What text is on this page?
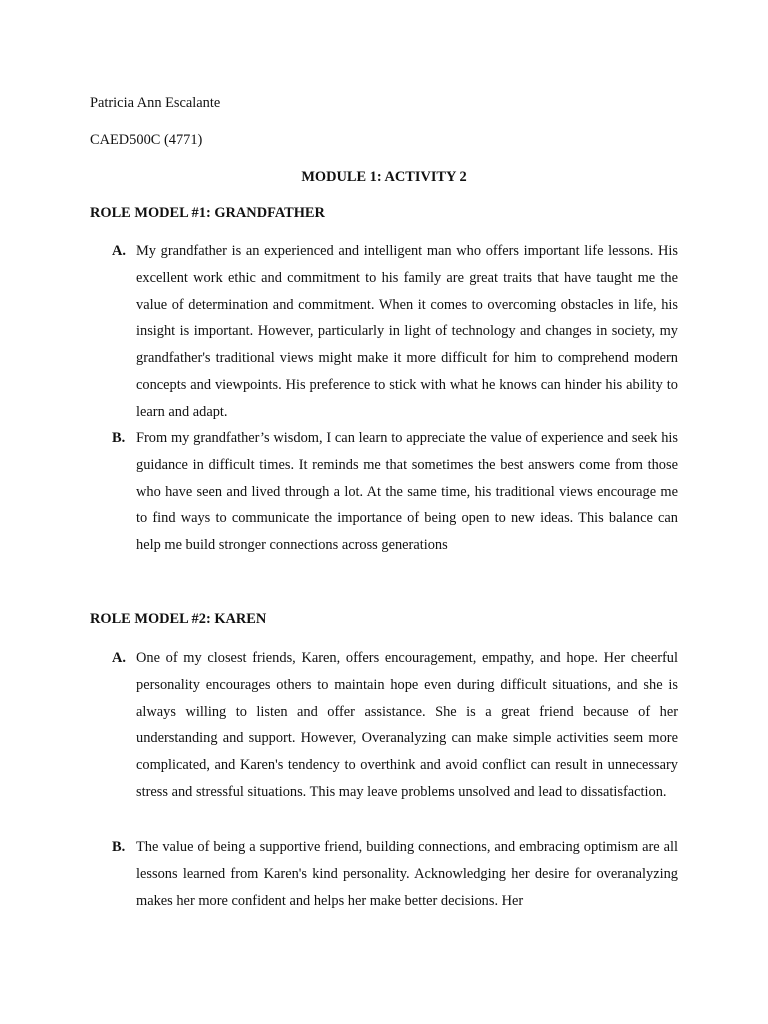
Patricia Ann Escalante
CAED500C (4771)
MODULE 1: ACTIVITY 2
ROLE MODEL #1: GRANDFATHER
A. My grandfather is an experienced and intelligent man who offers important life lessons. His excellent work ethic and commitment to his family are great traits that have taught me the value of determination and commitment. When it comes to overcoming obstacles in life, his insight is important. However, particularly in light of technology and changes in society, my grandfather's traditional views might make it more difficult for him to comprehend modern concepts and viewpoints. His preference to stick with what he knows can hinder his ability to learn and adapt.
B. From my grandfather’s wisdom, I can learn to appreciate the value of experience and seek his guidance in difficult times. It reminds me that sometimes the best answers come from those who have seen and lived through a lot. At the same time, his traditional views encourage me to find ways to communicate the importance of being open to new ideas. This balance can help me build stronger connections across generations
ROLE MODEL #2: KAREN
A. One of my closest friends, Karen, offers encouragement, empathy, and hope. Her cheerful personality encourages others to maintain hope even during difficult situations, and she is always willing to listen and offer assistance. She is a great friend because of her understanding and support. However, Overanalyzing can make simple activities seem more complicated, and Karen's tendency to overthink and avoid conflict can result in unnecessary stress and stressful situations. This may leave problems unsolved and lead to dissatisfaction.
B. The value of being a supportive friend, building connections, and embracing optimism are all lessons learned from Karen's kind personality. Acknowledging her desire for overanalyzing makes her more confident and helps her make better decisions. Her
